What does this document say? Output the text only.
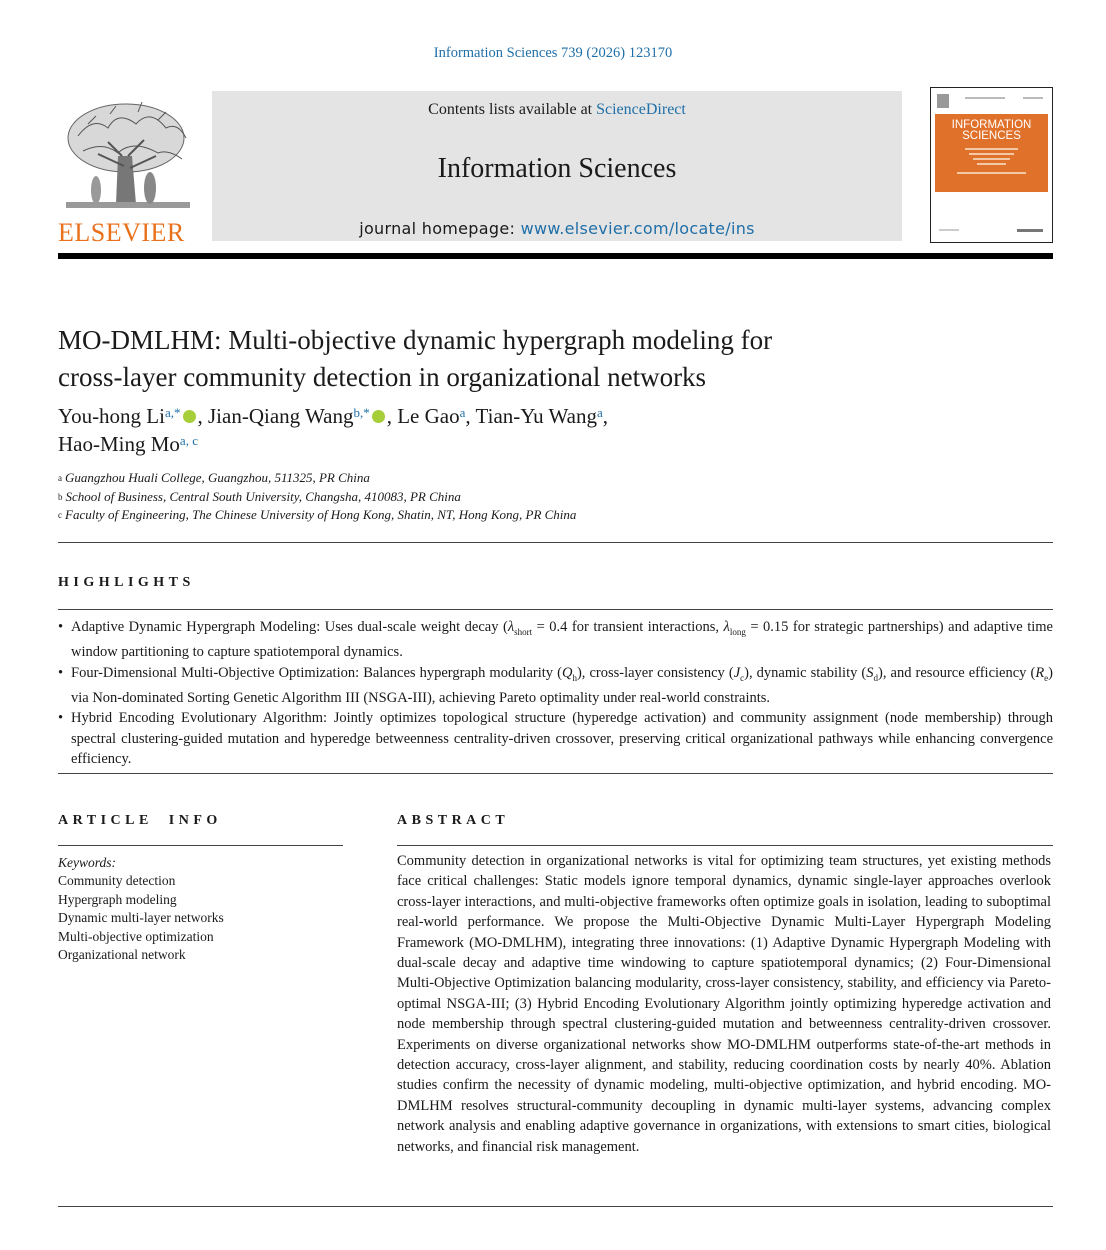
Information Sciences 739 (2026) 123170
ELSEVIER
Contents lists available at ScienceDirect
Information Sciences
journal homepage: www.elsevier.com/locate/ins
INFORMATION
SCIENCES
MO-DMLHM: Multi-objective dynamic hypergraph modeling for
cross-layer community detection in organizational networks
You-hong $Li^{a,*}$ , Jian-Qiang Wang$^{b,*}$ , Le Gao$^a$, Tian-Yu Wang$^a$,
Hao-Ming Mo$^{a, c}$
$^a$ Guangzhou Huali College, Guangzhou, 511325, PR China
$^b$ School of Business, Central South University, Changsha, 410083, PR China
$^c$ Faculty of Engineering, The Chinese University of Hong Kong, Shatin, NT, Hong Kong, PR China
HIGHLIGHTS
• Adaptive Dynamic Hypergraph Modeling: Uses dual-scale weight decay ($\lambda_{short} = 0.4$ for transient interactions, $\lambda_{long} = 0.15$ for strategic partnerships) and adaptive time window partitioning to capture spatiotemporal dynamics.
• Four-Dimensional Multi-Objective Optimization: Balances hypergraph modularity $(Q_h)$, cross-layer consistency $(J_c)$, dynamic stability $(S_d)$, and resource efficiency $(R_e)$ via Non-dominated Sorting Genetic Algorithm III (NSGA-III), achieving Pareto optimality under real-world constraints.
• Hybrid Encoding Evolutionary Algorithm: Jointly optimizes topological structure (hyperedge activation) and community assignment (node membership) through spectral clustering-guided mutation and hyperedge betweenness centrality-driven crossover, preserving critical organizational pathways while enhancing convergence efficiency.
ARTICLE  INFO
Keywords:
Community detection
Hypergraph modeling
Dynamic multi-layer networks
Multi-objective optimization
Organizational network
ABSTRACT
Community detection in organizational networks is vital for optimizing team structures, yet existing methods face critical challenges: Static models ignore temporal dynamics, dynamic single-layer approaches overlook cross-layer interactions, and multi-objective frameworks often optimize goals in isolation, leading to suboptimal real-world performance. We propose the Multi-Objective Dynamic Multi-Layer Hypergraph Modeling Framework (MO-DMLHM), integrating three innovations: (1) Adaptive Dynamic Hypergraph Modeling with dual-scale decay and adaptive time windowing to capture spatiotemporal dynamics; (2) Four-Dimensional Multi-Objective Optimization balancing modularity, cross-layer consistency, stability, and efficiency via Pareto-optimal NSGA-III; (3) Hybrid Encoding Evolutionary Algorithm jointly optimizing hyperedge activation and node membership through spectral clustering-guided mutation and betweenness centrality-driven crossover. Experiments on diverse organizational networks show MO-DMLHM outperforms state-of-the-art methods in detection accuracy, cross-layer alignment, and stability, reducing coordination costs by nearly 40%. Ablation studies confirm the necessity of dynamic modeling, multi-objective optimization, and hybrid encoding. MO-DMLHM resolves structural-community decoupling in dynamic multi-layer systems, advancing complex network analysis and enabling adaptive governance in organizations, with extensions to smart cities, biological networks, and financial risk management.
